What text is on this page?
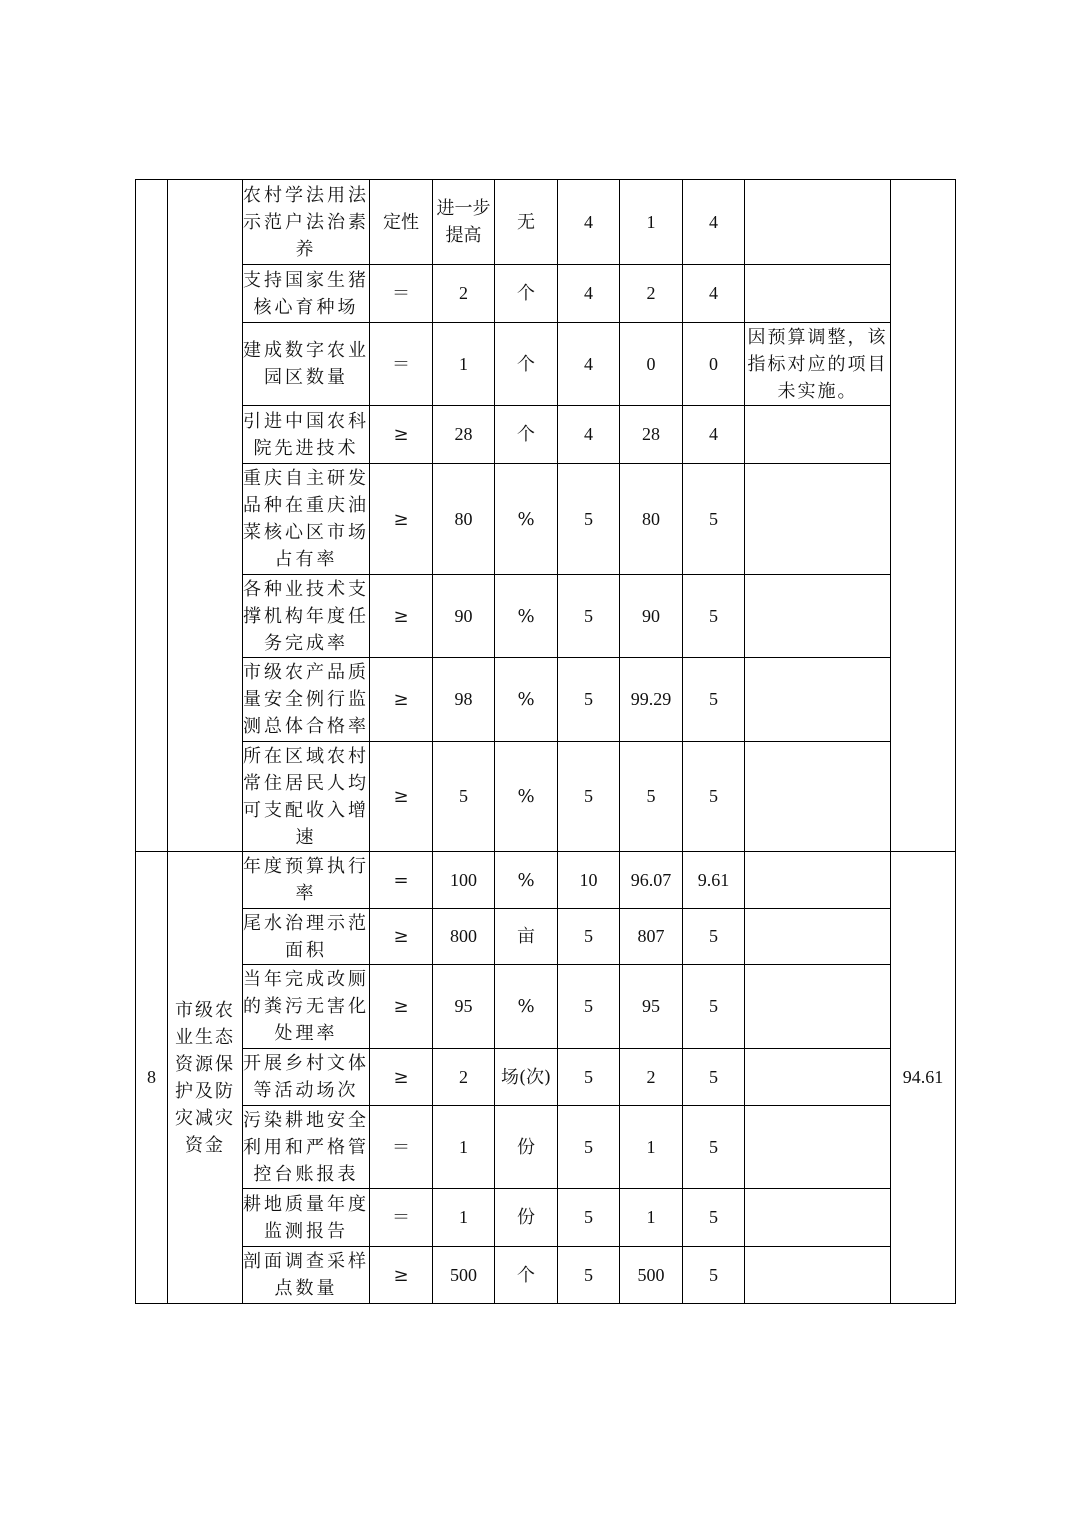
		农村学法用法示范户法治素养	定性	进一步提高	无	4	1	4		
		支持国家生猪核心育种场	＝	2	个	4	2	4		
		建成数字农业园区数量	＝	1	个	4	0	0	因预算调整，该指标对应的项目未实施。	
		引进中国农科院先进技术	≥	28	个	4	28	4		
		重庆自主研发品种在重庆油菜核心区市场占有率	≥	80	%	5	80	5		
		各种业技术支撑机构年度任务完成率	≥	90	%	5	90	5		
		市级农产品质量安全例行监测总体合格率	≥	98	%	5	99.29	5		
		所在区域农村常住居民人均可支配收入增速	≥	5	%	5	5	5		
8	市级农业生态资源保护及防灾减灾资金	年度预算执行率	=	100	%	10	96.07	9.61		94.61
		尾水治理示范面积	≥	800	亩	5	807	5		
		当年完成改厕的粪污无害化处理率	≥	95	%	5	95	5		
		开展乡村文体等活动场次	≥	2	场(次)	5	2	5		
		污染耕地安全利用和严格管控台账报表	＝	1	份	5	1	5		
		耕地质量年度监测报告	＝	1	份	5	1	5		
		剖面调查采样点数量	≥	500	个	5	500	5		
